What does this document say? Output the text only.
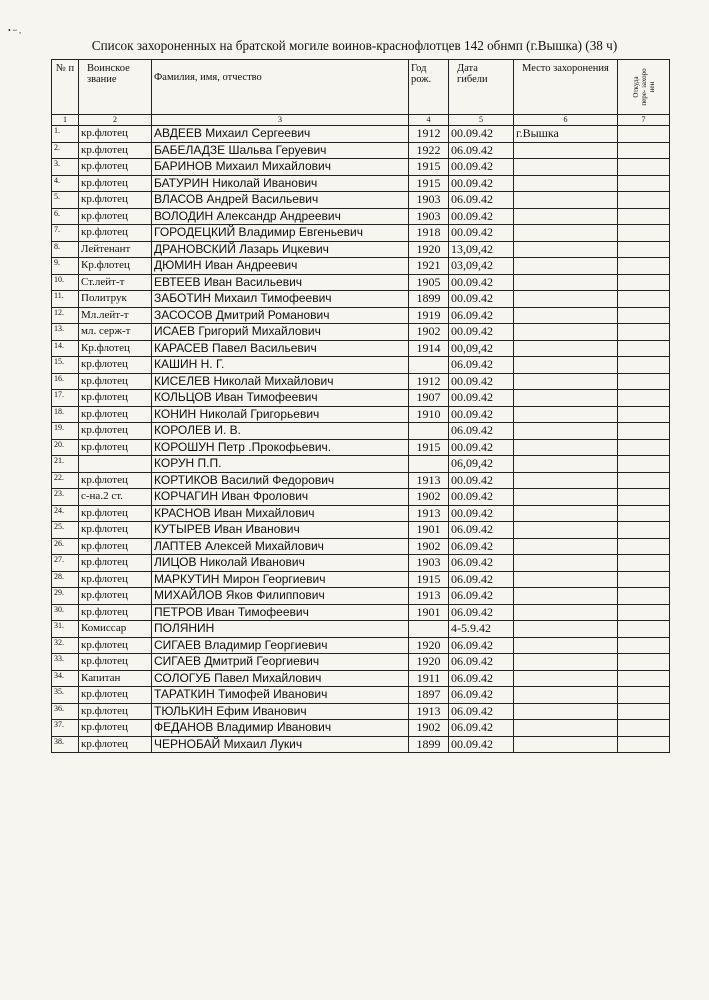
• ~ ,
Список захороненных на братской могиле воинов-краснофлотцев 142 обнмп (г.Вышка) (38 ч)
№ п	Воинское звание	Фамилия, имя, отчество	Год рож.	Дата гибели	Место захоронения	Откуда пере- захоро нен

1	2	3	4	5	6	7
1.	кр.флотец	АВДЕЕВ Михаил Сергеевич	1912	00.09.42	г.Вышка	
2.	кр.флотец	БАБЕЛАДЗЕ Шальва Геруевич	1922	06.09.42		
3.	кр.флотец	БАРИНОВ Михаил Михайлович	1915	00.09.42		
4.	кр.флотец	БАТУРИН Николай Иванович	1915	00.09.42		
5.	кр.флотец	ВЛАСОВ Андрей Васильевич	1903	06.09.42		
6.	кр.флотец	ВОЛОДИН Александр Андреевич	1903	00.09.42		
7.	кр.флотец	ГОРОДЕЦКИЙ Владимир Евгеньевич	1918	00.09.42		
8.	Лейтенант	ДРАНОВСКИЙ Лазарь Ицкевич	1920	13,09,42		
9.	Кр.флотец	ДЮМИН Иван Андреевич	1921	03,09,42		
10.	Ст.лейт-т	ЕВТЕЕВ Иван Васильевич	1905	00.09.42		
11.	Политрук	ЗАБОТИН Михаил Тимофеевич	1899	00.09.42		
12.	Мл.лейт-т	ЗАСОСОВ Дмитрий Романович	1919	06.09.42		
13.	мл. серж-т	ИСАЕВ Григорий Михайлович	1902	00.09.42		
14.	Кр.флотец	КАРАСЕВ Павел Васильевич	1914	00,09,42		
15.	кр.флотец	КАШИН Н. Г.		06.09.42		
16.	кр.флотец	КИСЕЛЕВ Николай Михайлович	1912	00.09.42		
17.	кр.флотец	КОЛЬЦОВ Иван Тимофеевич	1907	00.09.42		
18.	кр.флотец	КОНИН Николай Григорьевич	1910	00.09.42		
19.	кр.флотец	КОРОЛЕВ И. В.		06.09.42		
20.	кр.флотец	КОРОШУН Петр .Прокофьевич.	1915	00.09.42		
21.		КОРУН П.П.		06,09,42		
22.	кр.флотец	КОРТИКОВ Василий Федорович	1913	00.09.42		
23.	с-на.2 ст.	КОРЧАГИН Иван Фролович	1902	00.09.42		
24.	кр.флотец	КРАСНОВ Иван Михайлович	1913	00.09.42		
25.	кр.флотец	КУТЫРЕВ Иван Иванович	1901	06.09.42		
26.	кр.флотец	ЛАПТЕВ Алексей Михайлович	1902	06.09.42		
27.	кр.флотец	ЛИЦОВ Николай Иванович	1903	06.09.42		
28.	кр.флотец	МАРКУТИН Мирон Георгиевич	1915	06.09.42		
29.	кр.флотец	МИХАЙЛОВ Яков Филиппович	1913	06.09.42		
30.	кр.флотец	ПЕТРОВ Иван Тимофеевич	1901	06.09.42		
31.	Комиссар	ПОЛЯНИН		4-5.9.42		
32.	кр.флотец	СИГАЕВ Владимир Георгиевич	1920	06.09.42		
33.	кр.флотец	СИГАЕВ Дмитрий Георгиевич	1920	06.09.42		
34.	Капитан	СОЛОГУБ Павел Михайлович	1911	06.09.42		
35.	кр.флотец	ТАРАТКИН Тимофей Иванович	1897	06.09.42		
36.	кр.флотец	ТЮЛЬКИН Ефим Иванович	1913	06.09.42		
37.	кр.флотец	ФЕДАНОВ Владимир Иванович	1902	06.09.42		
38.	кр.флотец	ЧЕРНОБАЙ Михаил Лукич	1899	00.09.42		
